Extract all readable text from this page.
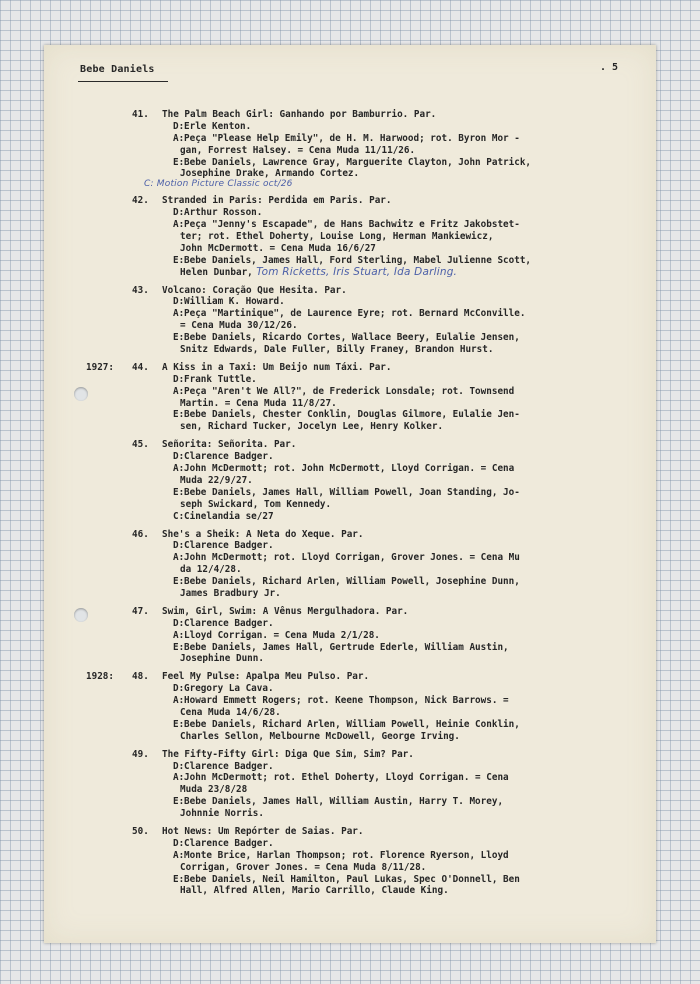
Bebe Daniels	. 5
41. The Palm Beach Girl: Ganhando por Bamburrio. Par.
D:Erle Kenton.
A:Peça "Please Help Emily", de H. M. Harwood; rot. Byron Mor -
gan, Forrest Halsey. = Cena Muda 11/11/26.
E:Bebe Daniels, Lawrence Gray, Marguerite Clayton, John Patrick,
Josephine Drake, Armando Cortez.
C: Motion Picture Classic oct/26
42. Stranded in Paris: Perdida em Paris. Par.
D:Arthur Rosson.
A:Peça "Jenny's Escapade", de Hans Bachwitz e Fritz Jakobstet-
ter; rot. Ethel Doherty, Louise Long, Herman Mankiewicz,
John McDermott. = Cena Muda 16/6/27
E:Bebe Daniels, James Hall, Ford Sterling, Mabel Julienne Scott,
Helen Dunbar, Tom Ricketts, Iris Stuart, Ida Darling.
43. Volcano: Coração Que Hesita. Par.
D:William K. Howard.
A:Peça "Martinique", de Laurence Eyre; rot. Bernard McConville.
= Cena Muda 30/12/26.
E:Bebe Daniels, Ricardo Cortes, Wallace Beery, Eulalie Jensen,
Snitz Edwards, Dale Fuller, Billy Franey, Brandon Hurst.
1927: 44. A Kiss in a Taxi: Um Beijo num Táxi. Par.
D:Frank Tuttle.
A:Peça "Aren't We All?", de Frederick Lonsdale; rot. Townsend
Martin. = Cena Muda 11/8/27.
E:Bebe Daniels, Chester Conklin, Douglas Gilmore, Eulalie Jen-
sen, Richard Tucker, Jocelyn Lee, Henry Kolker.
45. Señorita: Señorita. Par.
D:Clarence Badger.
A:John McDermott; rot. John McDermott, Lloyd Corrigan. = Cena
Muda 22/9/27.
E:Bebe Daniels, James Hall, William Powell, Joan Standing, Jo-
seph Swickard, Tom Kennedy.
C:Cinelandia se/27
46. She's a Sheik: A Neta do Xeque. Par.
D:Clarence Badger.
A:John McDermott; rot. Lloyd Corrigan, Grover Jones. = Cena Mu
da 12/4/28.
E:Bebe Daniels, Richard Arlen, William Powell, Josephine Dunn,
James Bradbury Jr.
47. Swim, Girl, Swim: A Vênus Mergulhadora. Par.
D:Clarence Badger.
A:Lloyd Corrigan. = Cena Muda 2/1/28.
E:Bebe Daniels, James Hall, Gertrude Ederle, William Austin,
Josephine Dunn.
1928: 48. Feel My Pulse: Apalpa Meu Pulso. Par.
D:Gregory La Cava.
A:Howard Emmett Rogers; rot. Keene Thompson, Nick Barrows. =
Cena Muda 14/6/28.
E:Bebe Daniels, Richard Arlen, William Powell, Heinie Conklin,
Charles Sellon, Melbourne McDowell, George Irving.
49. The Fifty-Fifty Girl: Diga Que Sim, Sim? Par.
D:Clarence Badger.
A:John McDermott; rot. Ethel Doherty, Lloyd Corrigan. = Cena
Muda 23/8/28
E:Bebe Daniels, James Hall, William Austin, Harry T. Morey,
Johnnie Norris.
50. Hot News: Um Repórter de Saias. Par.
D:Clarence Badger.
A:Monte Brice, Harlan Thompson; rot. Florence Ryerson, Lloyd
Corrigan, Grover Jones. = Cena Muda 8/11/28.
E:Bebe Daniels, Neil Hamilton, Paul Lukas, Spec O'Donnell, Ben
Hall, Alfred Allen, Mario Carrillo, Claude King.
